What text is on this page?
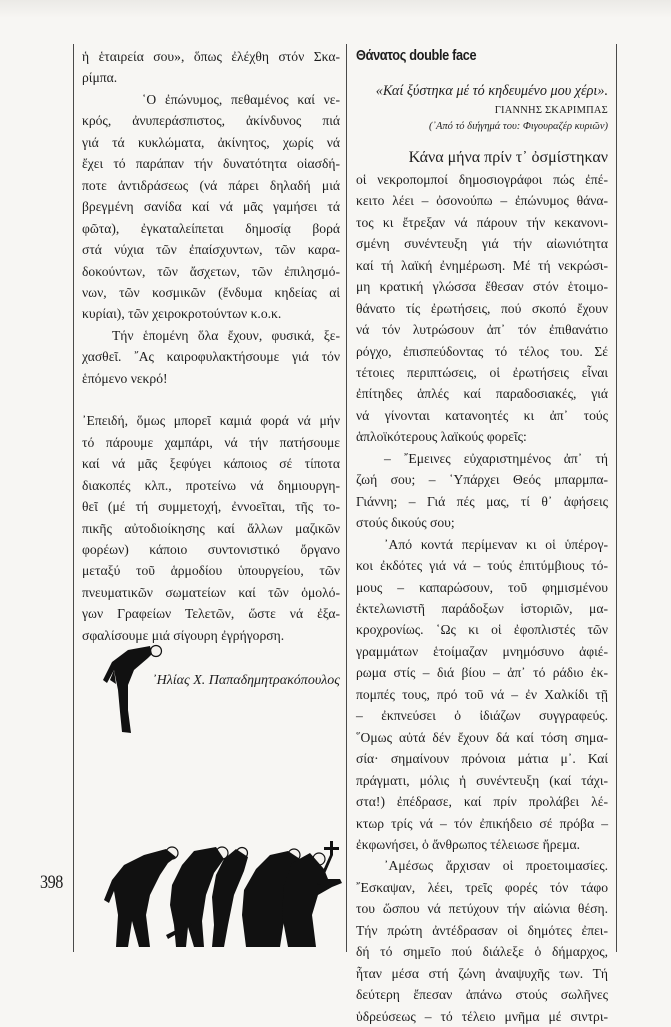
ἡ ἑταιρεία σου», ὅπως ἐλέχθη στόν Σκα-
ρίμπα.

῾Ο ἐπώνυμος, πεθαμένος καί νε-
κρός, ἀνυπεράσπιστος, ἀκίνδυνος πιά
γιά τά κυκλώματα, ἀκίνητος, χωρίς νά
ἔχει τό παράπαν τήν δυνατότητα οἱασδή-
ποτε ἀντιδράσεως (νά πάρει δηλαδή μιά
βρεγμένη σανίδα καί νά μᾶς γαμήσει τά
φῶτα), ἐγκαταλείπεται δημοσίᾳ βορά
στά νύχια τῶν ἐπαίσχυντων, τῶν καρα-
δοκούντων, τῶν ἄσχετων, τῶν ἐπιλησμό-
νων, τῶν κοσμικῶν (ἔνδυμα κηδείας αἱ
κυρίαι), τῶν χειροκροτούντων κ.ο.κ.

Τήν ἑπομένη ὅλα ἔχουν, φυσικά, ξε-
χασθεῖ. ῎Ας καιροφυλακτήσουμε γιά τόν
ἑπόμενο νεκρό!

᾿Επειδή, ὅμως μπορεῖ καμιά φορά νά μήν
τό πάρουμε χαμπάρι, νά τήν πατήσουμε
καί νά μᾶς ξεφύγει κάποιος σέ τίποτα
διακοπές κλπ., προτείνω νά δημιουργη-
θεῖ (μέ τή συμμετοχή, ἐννοεῖται, τῆς το-
πικῆς αὐτοδιοίκησης καί ἄλλων μαζικῶν
φορέων) κάποιο συντονιστικό ὄργανο
μεταξύ τοῦ ἁρμοδίου ὑπουργείου, τῶν
πνευματικῶν σωματείων καί τῶν ὁμολό-
γων Γραφείων Τελετῶν, ὥστε νά ἐξα-
σφαλίσουμε μιά σίγουρη ἐγρήγορση.

᾿Ηλίας Χ. Παπαδημητρακόπουλος

398

Θάνατος double face

«Καί ξύστηκα μέ τό κηδευμένο μου χέρι».

ΓΙΑΝΝΗΣ ΣΚΑΡΙΜΠΑΣ

(᾿Από τό διήγημά του: Φιγουραζέρ κυριῶν)

Κάνα μήνα πρίν τ᾿ ὀσμίστηκαν

οἱ νεκροπομποί δημοσιογράφοι πώς ἐπέ-
κειτο λέει – ὀσονούπω – ἐπώνυμος θάνα-
τος κι ἔτρεξαν νά πάρουν τήν κεκανονι-
σμένη συνέντευξη γιά τήν αἰωνιότητα
καί τή λαϊκή ἐνημέρωση. Μέ τή νεκρώσι-
μη κρατική γλώσσα ἔθεσαν στόν ἑτοιμο-
θάνατο τίς ἐρωτήσεις, πού σκοπό ἔχουν
νά τόν λυτρώσουν ἀπ᾿ τόν ἐπιθανάτιο
ρόγχο, ἐπισπεύδοντας τό τέλος του. Σέ
τέτοιες περιπτώσεις, οἱ ἐρωτήσεις εἶναι
ἐπίτηδες ἁπλές καί παραδοσιακές, γιά
νά γίνονται κατανοητές κι ἀπ᾿ τούς
ἁπλοϊκότερους λαϊκούς φορεῖς:

– ῎Εμεινες εὐχαριστημένος ἀπ᾿ τή
ζωή σου; – ῾Υπάρχει Θεός μπαρμπα-
Γιάννη; – Γιά πές μας, τί θ᾿ ἀφήσεις
στούς δικούς σου;

᾿Από κοντά περίμεναν κι οἱ ὑπέρογ-
κοι ἐκδότες γιά νά – τούς ἐπιτύμβιους τό-
μους – καπαρώσουν, τοῦ φημισμένου
ἐκτελωνιστῆ παράδοξων ἱστοριῶν, μα-
κροχρονίως. ῾Ως κι οἱ ἐφοπλιστές τῶν
γραμμάτων ἑτοίμαζαν μνημόσυνο ἀφιέ-
ρωμα στίς – διά βίου – ἀπ᾿ τό ράδιο ἐκ-
πομπές τους, πρό τοῦ νά – ἐν Χαλκίδι τῇ
– ἐκπνεύσει ὁ ἰδιάζων συγγραφεύς.
῞Ομως αὐτά δέν ἔχουν δά καί τόση σημα-
σία· σημαίνουν πρόνοια μάτια μ᾿. Καί
πράγματι, μόλις ἡ συνέντευξη (καί τάχι-
στα!) ἐπέδρασε, καί πρίν προλάβει λέ-
κτωρ τρίς νά – τόν ἐπικήδειο σέ πρόβα –
ἐκφωνήσει, ὁ ἄνθρωπος τέλειωσε ἤρεμα.

᾿Αμέσως ἄρχισαν οἱ προετοιμασίες.
῎Εσκαψαν, λέει, τρεῖς φορές τόν τάφο
του ὥσπου νά πετύχουν τήν αἰώνια θέση.
Τήν πρώτη ἀντέδρασαν οἱ δημότες ἐπει-
δή τό σημεῖο πού διάλεξε ὁ δήμαρχος,
ἦταν μέσα στή ζώνη ἀναψυχῆς των. Τή
δεύτερη ἔπεσαν ἀπάνω στούς σωλῆνες
ὑδρεύσεως – τό τέλειο μνῆμα μέ σιντρι-
